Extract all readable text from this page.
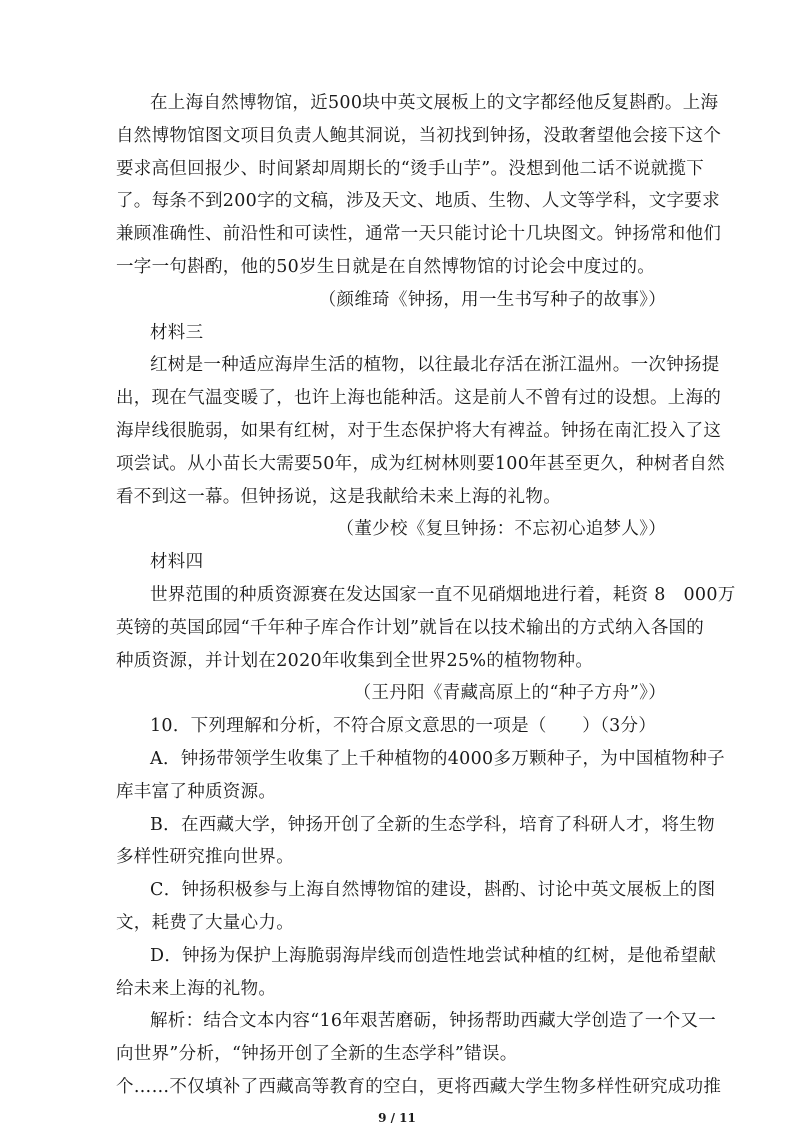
在上海自然博物馆，近500块中英文展板上的文字都经他反复斟酌。上海
自然博物馆图文项目负责人鲍其洞说，当初找到钟扬，没敢奢望他会接下这个
要求高但回报少、时间紧却周期长的“烫手山芋”。没想到他二话不说就揽下
了。每条不到200字的文稿，涉及天文、地质、生物、人文等学科，文字要求
兼顾准确性、前沿性和可读性，通常一天只能讨论十几块图文。钟扬常和他们
一字一句斟酌，他的50岁生日就是在自然博物馆的讨论会中度过的。
（颜维琦《钟扬，用一生书写种子的故事》）
材料三
红树是一种适应海岸生活的植物，以往最北存活在浙江温州。一次钟扬提
出，现在气温变暖了，也许上海也能种活。这是前人不曾有过的设想。上海的
海岸线很脆弱，如果有红树，对于生态保护将大有裨益。钟扬在南汇投入了这
项尝试。从小苗长大需要50年，成为红树林则要100年甚至更久，种树者自然
看不到这一幕。但钟扬说，这是我献给未来上海的礼物。
（董少校《复旦钟扬：不忘初心追梦人》）
材料四
世界范围的种质资源赛在发达国家一直不见硝烟地进行着，耗资 8　000万
英镑的英国邱园“千年种子库合作计划”就旨在以技术输出的方式纳入各国的
种质资源，并计划在2020年收集到全世界25%的植物物种。
（王丹阳《青藏高原上的“种子方舟”》）
10．下列理解和分析，不符合原文意思的一项是（　　）（3分）
A．钟扬带领学生收集了上千种植物的4000多万颗种子，为中国植物种子
库丰富了种质资源。
B．在西藏大学，钟扬开创了全新的生态学科，培育了科研人才，将生物
多样性研究推向世界。
C．钟扬积极参与上海自然博物馆的建设，斟酌、讨论中英文展板上的图
文，耗费了大量心力。
D．钟扬为保护上海脆弱海岸线而创造性地尝试种植的红树，是他希望献
给未来上海的礼物。
解析：结合文本内容“16年艰苦磨砺，钟扬帮助西藏大学创造了一个又一
向世界”分析，“钟扬开创了全新的生态学科”错误。
个……不仅填补了西藏高等教育的空白，更将西藏大学生物多样性研究成功推
9 / 11
